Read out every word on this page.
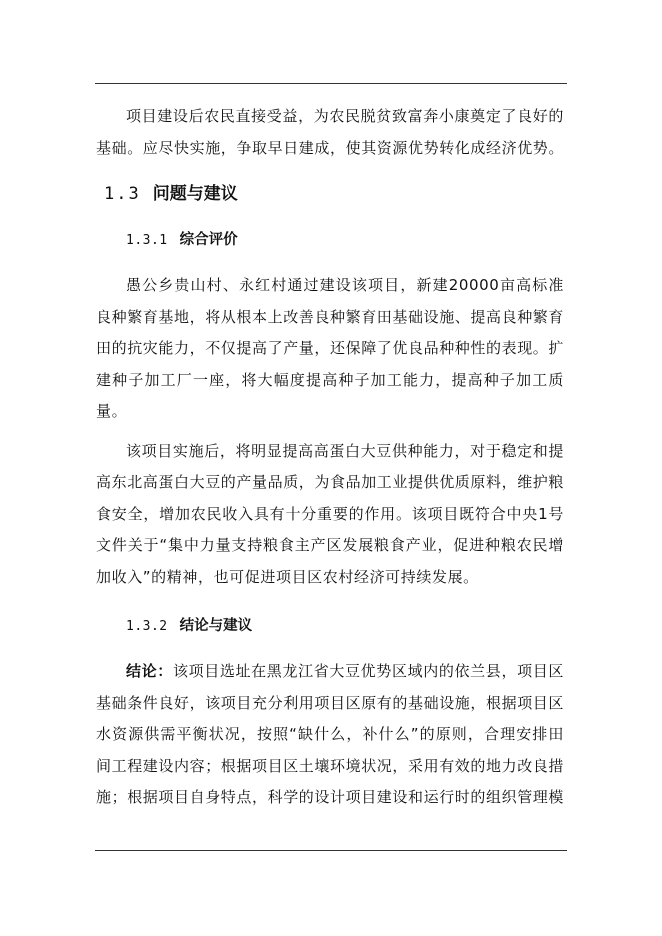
项目建设后农民直接受益，为农民脱贫致富奔小康奠定了良好的基础。应尽快实施，争取早日建成，使其资源优势转化成经济优势。

1.3 问题与建议
1.3.1 综合评价

愚公乡贵山村、永红村通过建设该项目，新建20000亩高标准良种繁育基地，将从根本上改善良种繁育田基础设施、提高良种繁育田的抗灾能力，不仅提高了产量，还保障了优良品种种性的表现。扩建种子加工厂一座，将大幅度提高种子加工能力，提高种子加工质量。

该项目实施后，将明显提高高蛋白大豆供种能力，对于稳定和提高东北高蛋白大豆的产量品质，为食品加工业提供优质原料，维护粮食安全，增加农民收入具有十分重要的作用。该项目既符合中央1号文件关于“集中力量支持粮食主产区发展粮食产业，促进种粮农民增加收入”的精神，也可促进项目区农村经济可持续发展。

1.3.2 结论与建议

结论：该项目选址在黑龙江省大豆优势区域内的依兰县，项目区基础条件良好，该项目充分利用项目区原有的基础设施，根据项目区水资源供需平衡状况，按照“缺什么，补什么”的原则，合理安排田间工程建设内容；根据项目区土壤环境状况，采用有效的地力改良措施；根据项目自身特点，科学的设计项目建设和运行时的组织管理模
